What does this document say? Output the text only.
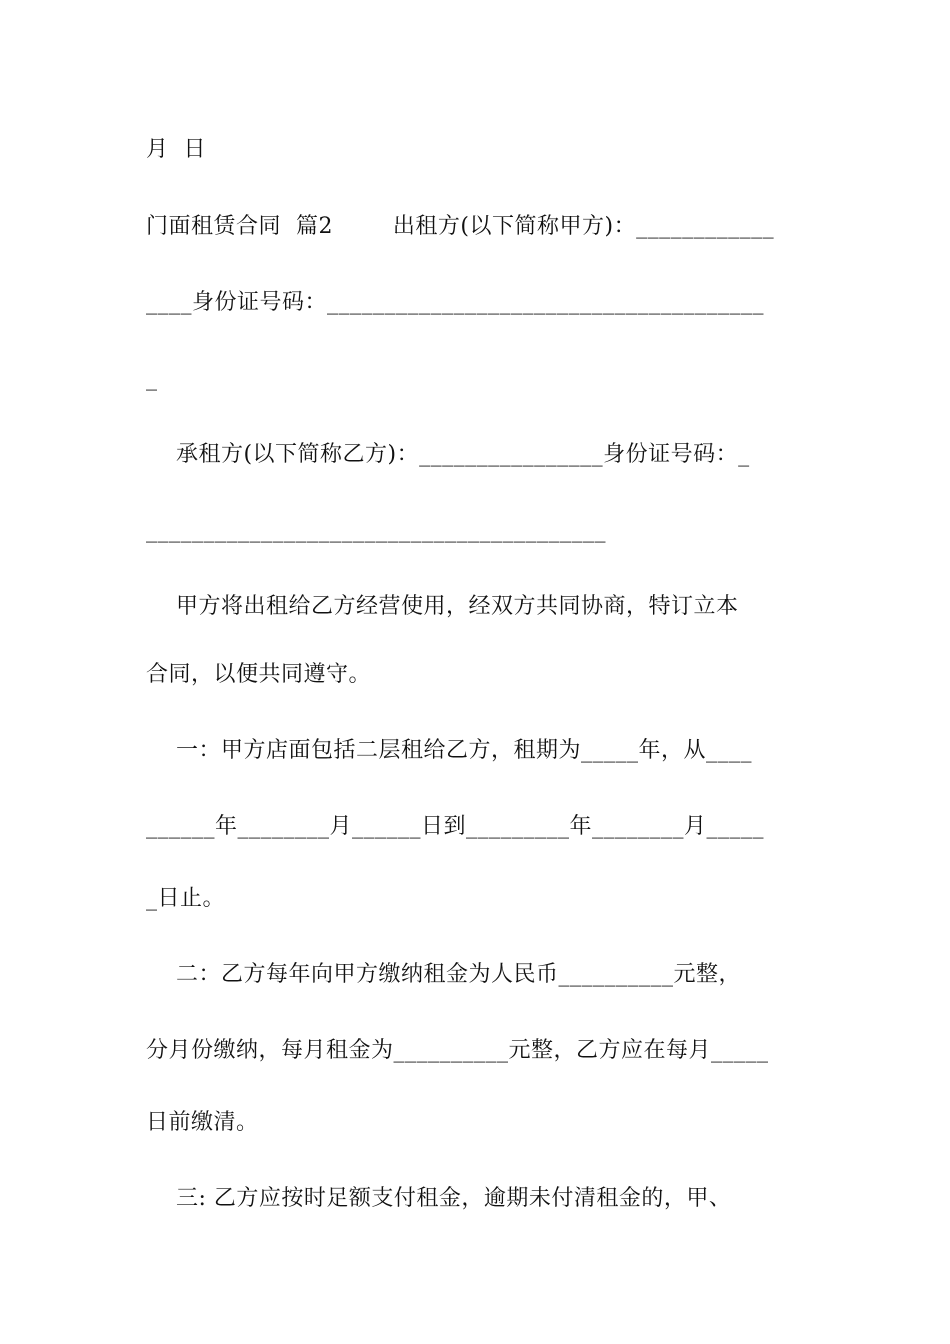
月  日

门面租赁合同  篇2        出租方(以下简称甲方)：____________

____身份证号码：______________________________________

_

承租方(以下简称乙方)：________________身份证号码：_

________________________________________

甲方将出租给乙方经营使用，经双方共同协商，特订立本

合同，以便共同遵守。

一：甲方店面包括二层租给乙方，租期为_____年，从____

______年________月______日到_________年________月_____

_日止。

二：乙方每年向甲方缴纳租金为人民币__________元整，

分月份缴纳，每月租金为__________元整，乙方应在每月_____

日前缴清。

三: 乙方应按时足额支付租金，逾期未付清租金的，甲、
